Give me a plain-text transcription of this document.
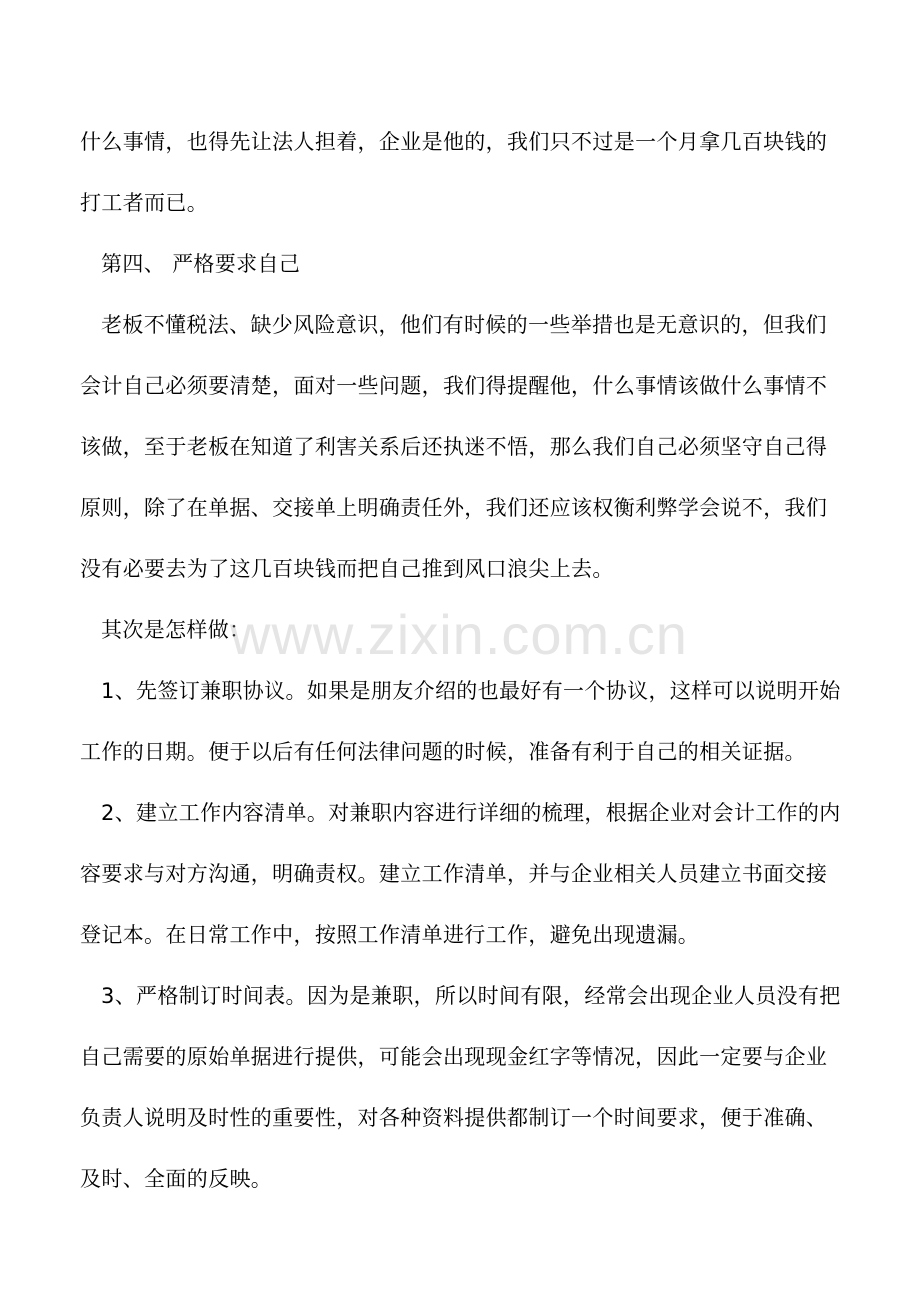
什么事情，也得先让法人担着，企业是他的，我们只不过是一个月拿几百块钱的
打工者而已。
第四、 严格要求自己
老板不懂税法、缺少风险意识，他们有时候的一些举措也是无意识的，但我们
会计自己必须要清楚，面对一些问题，我们得提醒他，什么事情该做什么事情不
该做，至于老板在知道了利害关系后还执迷不悟，那么我们自己必须坚守自己得
原则，除了在单据、交接单上明确责任外，我们还应该权衡利弊学会说不，我们
没有必要去为了这几百块钱而把自己推到风口浪尖上去。
其次是怎样做：
1、先签订兼职协议。如果是朋友介绍的也最好有一个协议，这样可以说明开始
工作的日期。便于以后有任何法律问题的时候，准备有利于自己的相关证据。
2、建立工作内容清单。对兼职内容进行详细的梳理，根据企业对会计工作的内
容要求与对方沟通，明确责权。建立工作清单，并与企业相关人员建立书面交接
登记本。在日常工作中，按照工作清单进行工作，避免出现遗漏。
3、严格制订时间表。因为是兼职，所以时间有限，经常会出现企业人员没有把
自己需要的原始单据进行提供，可能会出现现金红字等情况，因此一定要与企业
负责人说明及时性的重要性，对各种资料提供都制订一个时间要求，便于准确、
及时、全面的反映。
www.zixin.com.cn
